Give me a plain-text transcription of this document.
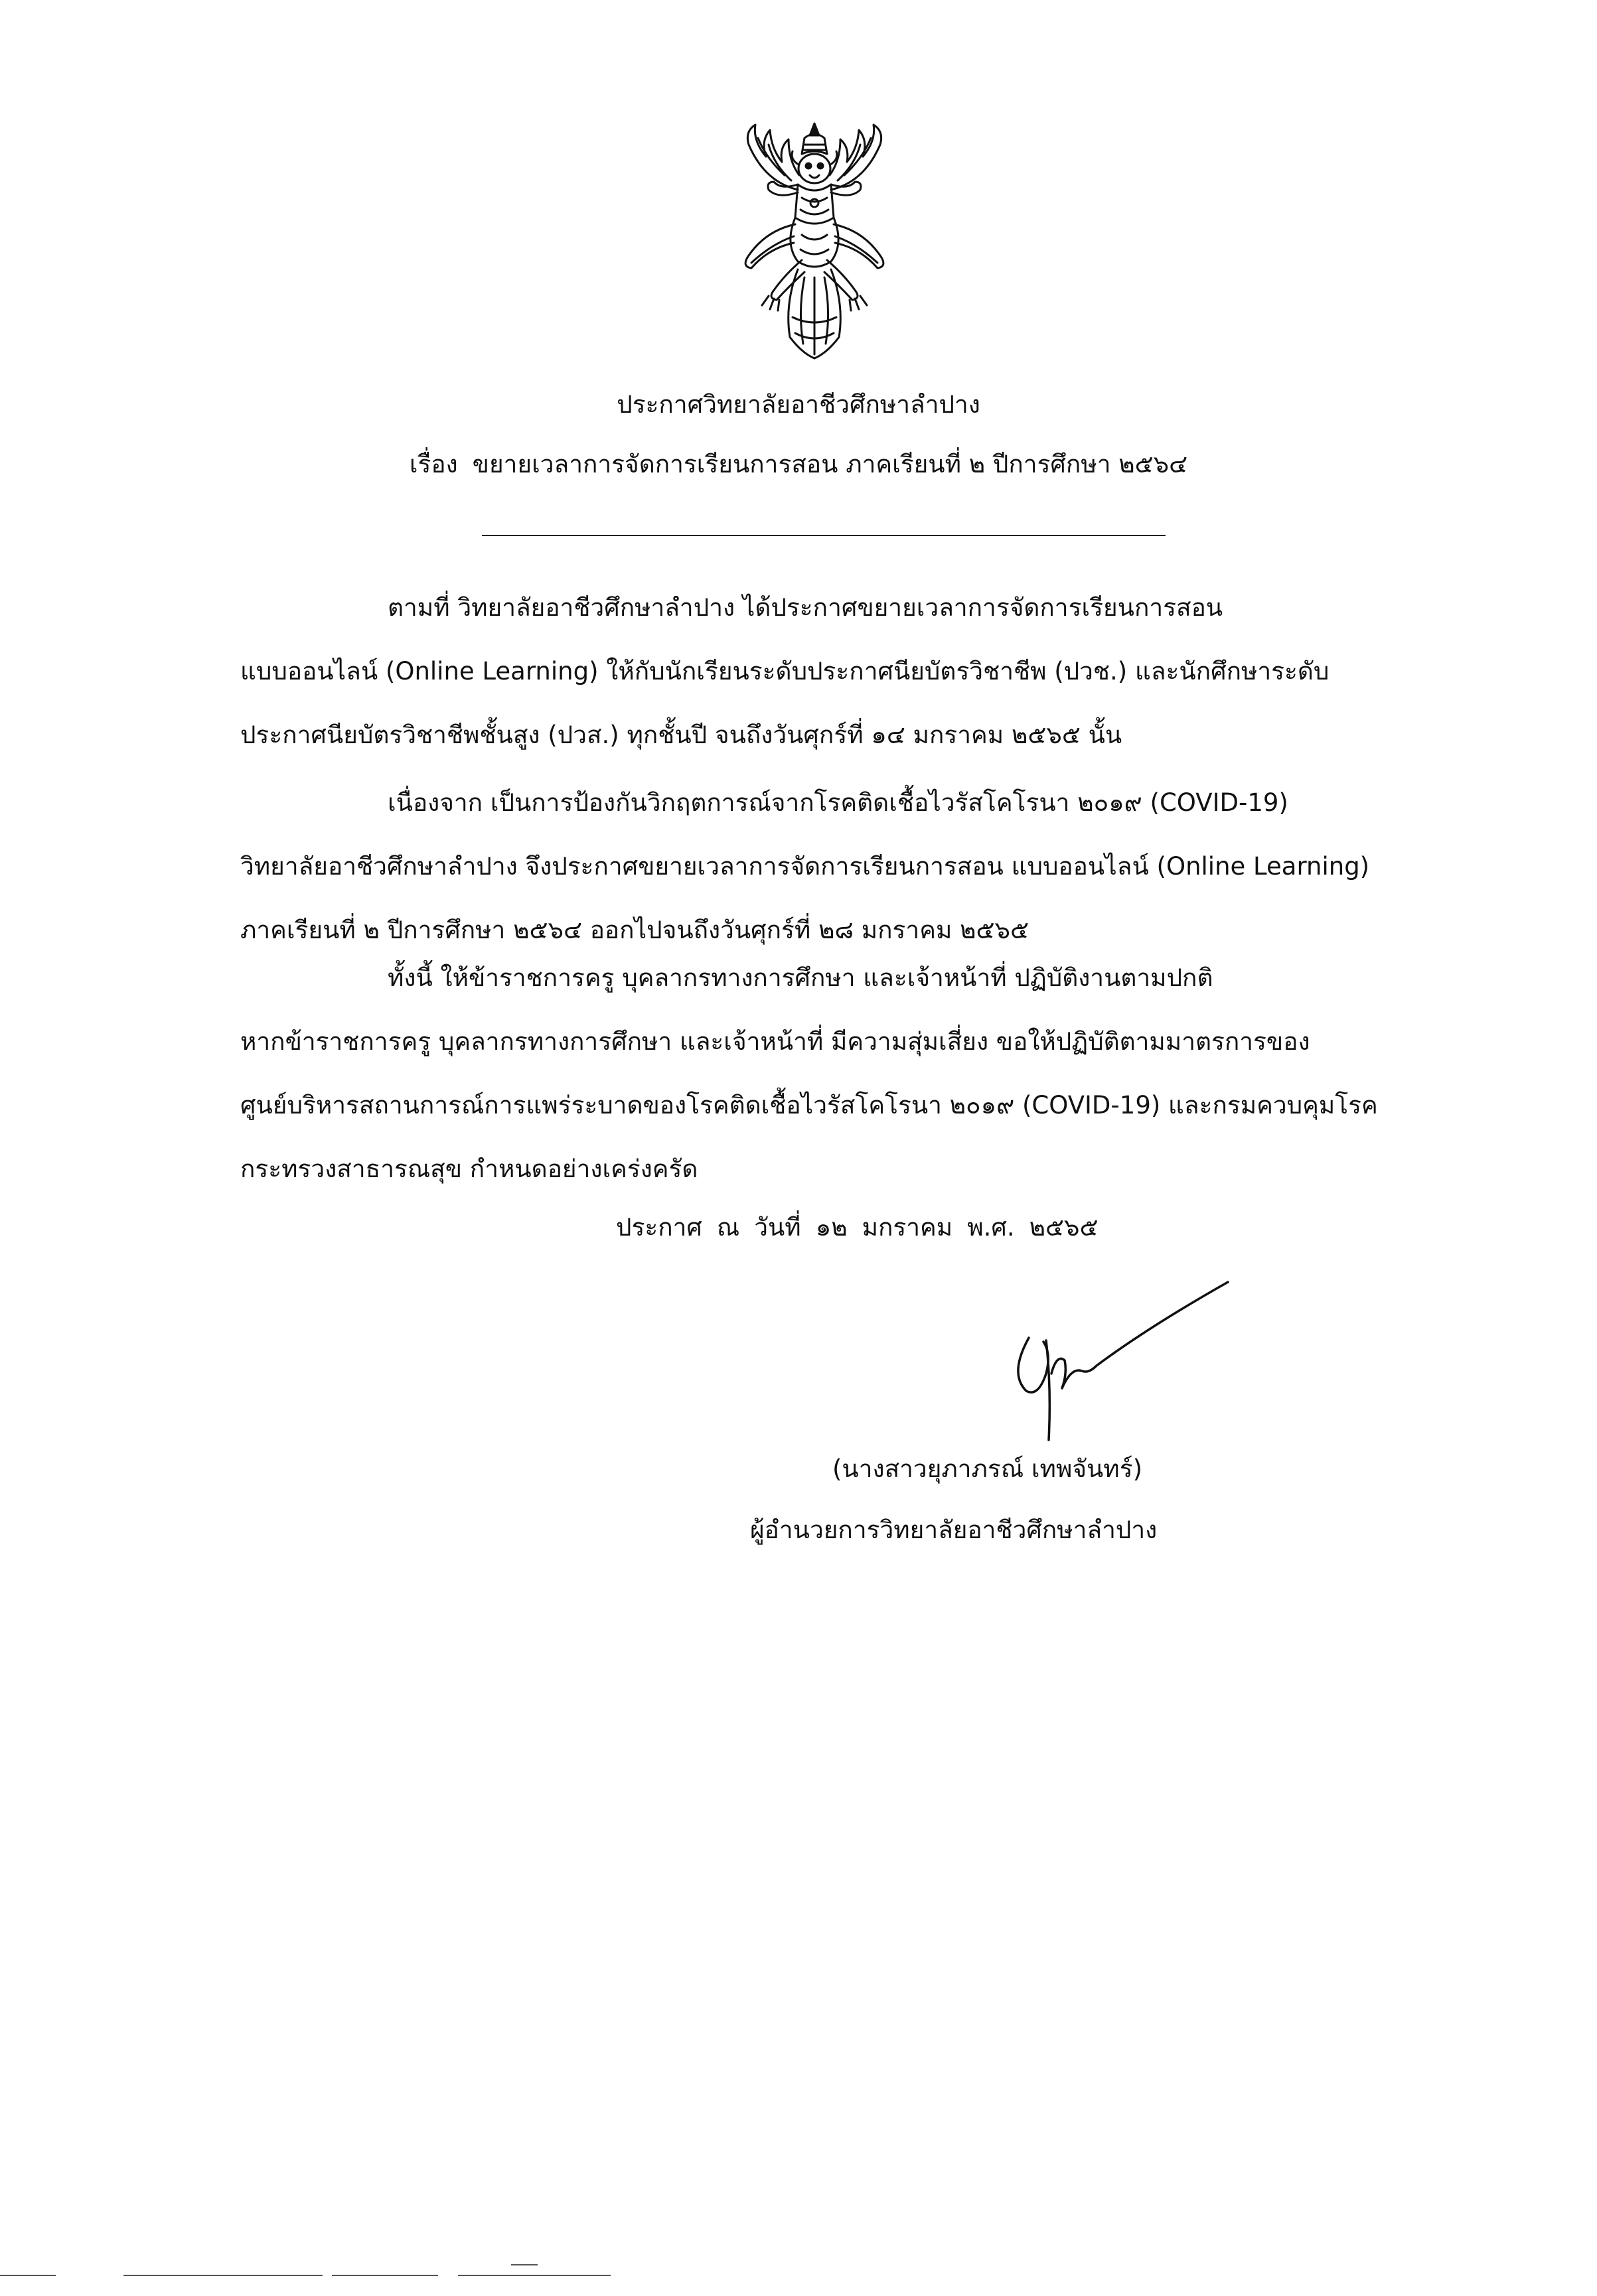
ประกาศวิทยาลัยอาชีวศึกษาลำปาง
เรื่อง ขยายเวลาการจัดการเรียนการสอน ภาคเรียนที่ ๒ ปีการศึกษา ๒๕๖๔

ตามที่ วิทยาลัยอาชีวศึกษาลำปาง ได้ประกาศขยายเวลาการจัดการเรียนการสอน
แบบออนไลน์ (Online Learning) ให้กับนักเรียนระดับประกาศนียบัตรวิชาชีพ (ปวช.) และนักศึกษาระดับ
ประกาศนียบัตรวิชาชีพชั้นสูง (ปวส.) ทุกชั้นปี จนถึงวันศุกร์ที่ ๑๔ มกราคม ๒๕๖๕ นั้น

เนื่องจาก เป็นการป้องกันวิกฤตการณ์จากโรคติดเชื้อไวรัสโคโรนา ๒๐๑๙ (COVID-19)
วิทยาลัยอาชีวศึกษาลำปาง จึงประกาศขยายเวลาการจัดการเรียนการสอน แบบออนไลน์ (Online Learning)
ภาคเรียนที่ ๒ ปีการศึกษา ๒๕๖๔ ออกไปจนถึงวันศุกร์ที่ ๒๘ มกราคม ๒๕๖๕

ทั้งนี้ ให้ข้าราชการครู บุคลากรทางการศึกษา และเจ้าหน้าที่ ปฏิบัติงานตามปกติ
หากข้าราชการครู บุคลากรทางการศึกษา และเจ้าหน้าที่ มีความสุ่มเสี่ยง ขอให้ปฏิบัติตามมาตรการของ
ศูนย์บริหารสถานการณ์การแพร่ระบาดของโรคติดเชื้อไวรัสโคโรนา ๒๐๑๙ (COVID-19) และกรมควบคุมโรค
กระทรวงสาธารณสุข กำหนดอย่างเคร่งครัด

ประกาศ ณ วันที่ ๑๒ มกราคม พ.ศ. ๒๕๖๕
(นางสาวยุภาภรณ์ เทพจันทร์)
ผู้อำนวยการวิทยาลัยอาชีวศึกษาลำปาง
